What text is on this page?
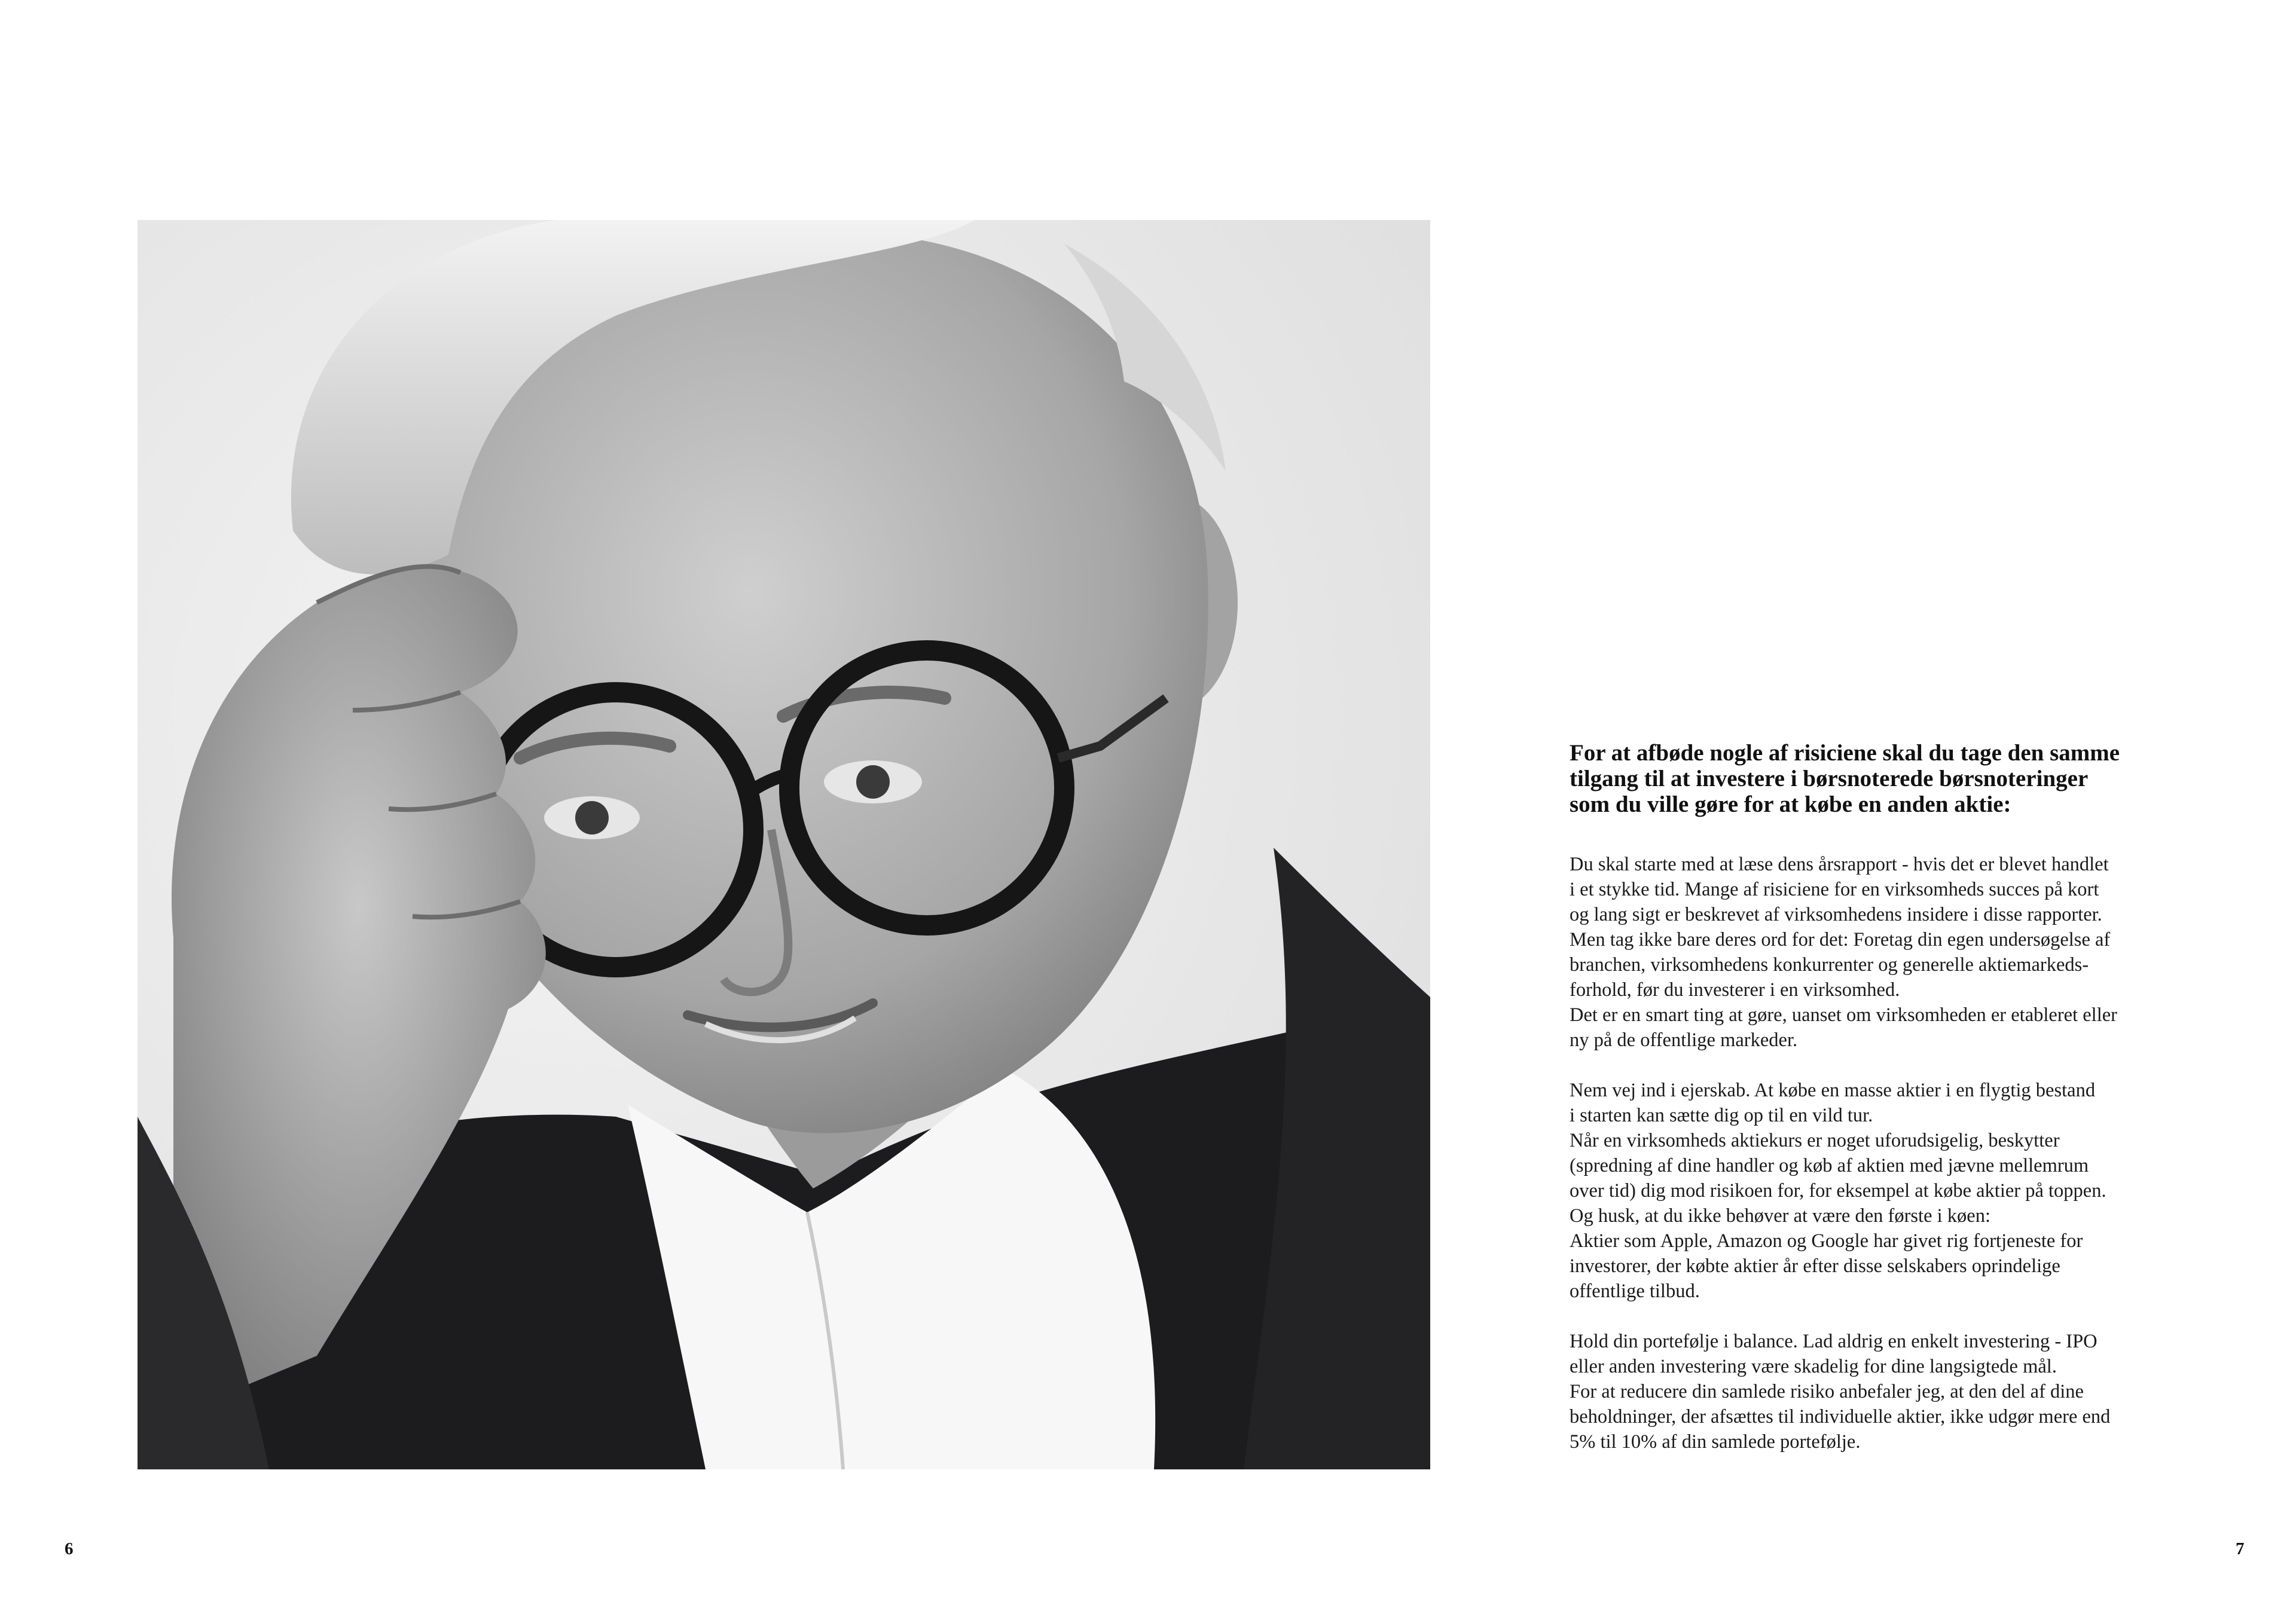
6
For at afbøde nogle af risiciene skal du tage den samme
tilgang til at investere i børsnoterede børsnoteringer
som du ville gøre for at købe en anden aktie:
Du skal starte med at læse dens årsrapport - hvis det er blevet handlet
i et stykke tid. Mange af risiciene for en virksomheds succes på kort
og lang sigt er beskrevet af virksomhedens insidere i disse rapporter.
Men tag ikke bare deres ord for det: Foretag din egen undersøgelse af
branchen, virksomhedens konkurrenter og generelle aktiemarkeds-
forhold, før du investerer i en virksomhed.
Det er en smart ting at gøre, uanset om virksomheden er etableret eller
ny på de offentlige markeder.
Nem vej ind i ejerskab. At købe en masse aktier i en flygtig bestand
i starten kan sætte dig op til en vild tur.
Når en virksomheds aktiekurs er noget uforudsigelig, beskytter
(spredning af dine handler og køb af aktien med jævne mellemrum
over tid) dig mod risikoen for, for eksempel at købe aktier på toppen.
Og husk, at du ikke behøver at være den første i køen:
Aktier som Apple, Amazon og Google har givet rig fortjeneste for
investorer, der købte aktier år efter disse selskabers oprindelige
offentlige tilbud.
Hold din portefølje i balance. Lad aldrig en enkelt investering - IPO
eller anden investering være skadelig for dine langsigtede mål.
For at reducere din samlede risiko anbefaler jeg, at den del af dine
beholdninger, der afsættes til individuelle aktier, ikke udgør mere end
5% til 10% af din samlede portefølje.
7
